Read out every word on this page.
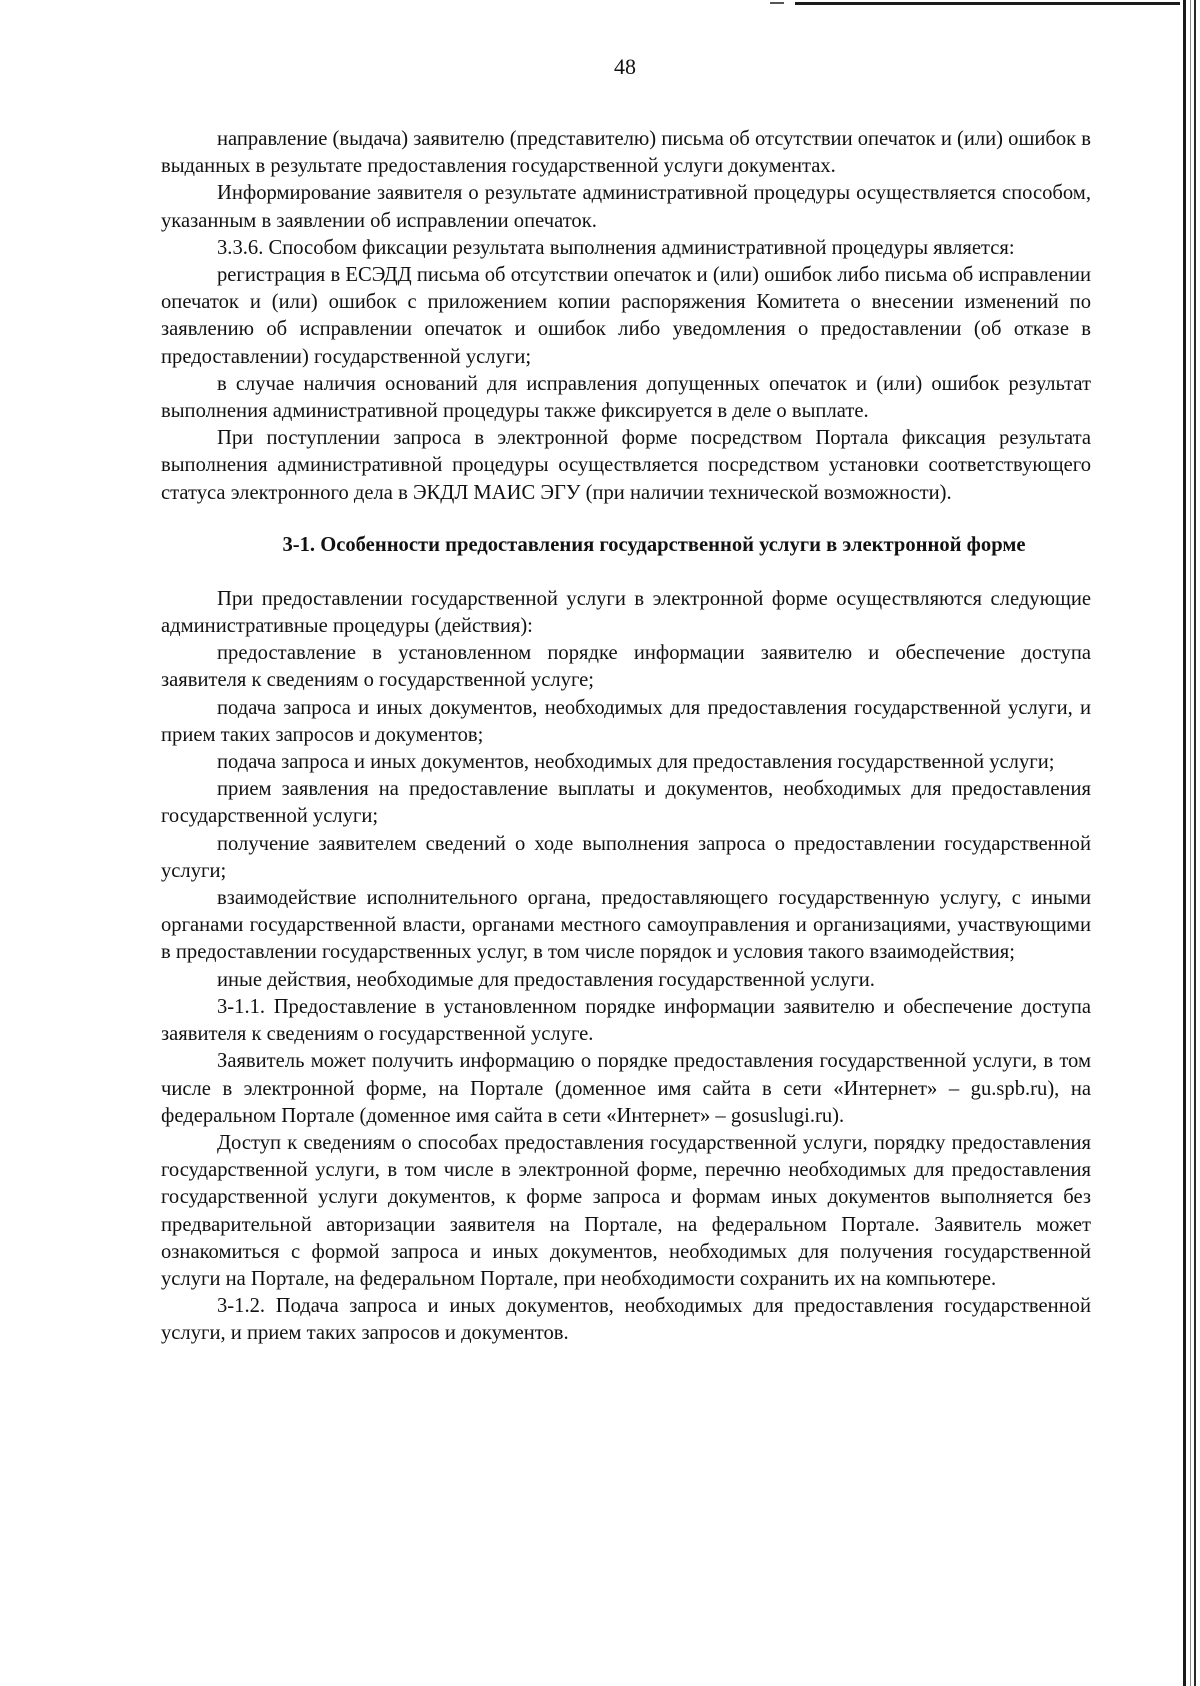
48

направление (выдача) заявителю (представителю) письма об отсутствии опечаток и (или) ошибок в выданных в результате предоставления государственной услуги документах.

Информирование заявителя о результате административной процедуры осуществляется способом, указанным в заявлении об исправлении опечаток.

3.3.6. Способом фиксации результата выполнения административной процедуры является:

регистрация в ЕСЭДД письма об отсутствии опечаток и (или) ошибок либо письма об исправлении опечаток и (или) ошибок с приложением копии распоряжения Комитета о внесении изменений по заявлению об исправлении опечаток и ошибок либо уведомления о предоставлении (об отказе в предоставлении) государственной услуги;

в случае наличия оснований для исправления допущенных опечаток и (или) ошибок результат выполнения административной процедуры также фиксируется в деле о выплате.

При поступлении запроса в электронной форме посредством Портала фиксация результата выполнения административной процедуры осуществляется посредством установки соответствующего статуса электронного дела в ЭКДЛ МАИС ЭГУ (при наличии технической возможности).

3-1. Особенности предоставления государственной услуги в электронной форме

При предоставлении государственной услуги в электронной форме осуществляются следующие административные процедуры (действия):

предоставление в установленном порядке информации заявителю и обеспечение доступа заявителя к сведениям о государственной услуге;

подача запроса и иных документов, необходимых для предоставления государственной услуги, и прием таких запросов и документов;

подача запроса и иных документов, необходимых для предоставления государственной услуги;

прием заявления на предоставление выплаты и документов, необходимых для предоставления государственной услуги;

получение заявителем сведений о ходе выполнения запроса о предоставлении государственной услуги;

взаимодействие исполнительного органа, предоставляющего государственную услугу, с иными органами государственной власти, органами местного самоуправления и организациями, участвующими в предоставлении государственных услуг, в том числе порядок и условия такого взаимодействия;

иные действия, необходимые для предоставления государственной услуги.

3-1.1. Предоставление в установленном порядке информации заявителю и обеспечение доступа заявителя к сведениям о государственной услуге.

Заявитель может получить информацию о порядке предоставления государственной услуги, в том числе в электронной форме, на Портале (доменное имя сайта в сети «Интернет» – gu.spb.ru), на федеральном Портале (доменное имя сайта в сети «Интернет» – gosuslugi.ru).

Доступ к сведениям о способах предоставления государственной услуги, порядку предоставления государственной услуги, в том числе в электронной форме, перечню необходимых для предоставления государственной услуги документов, к форме запроса и формам иных документов выполняется без предварительной авторизации заявителя на Портале, на федеральном Портале. Заявитель может ознакомиться с формой запроса и иных документов, необходимых для получения государственной услуги на Портале, на федеральном Портале, при необходимости сохранить их на компьютере.

3-1.2. Подача запроса и иных документов, необходимых для предоставления государственной услуги, и прием таких запросов и документов.
